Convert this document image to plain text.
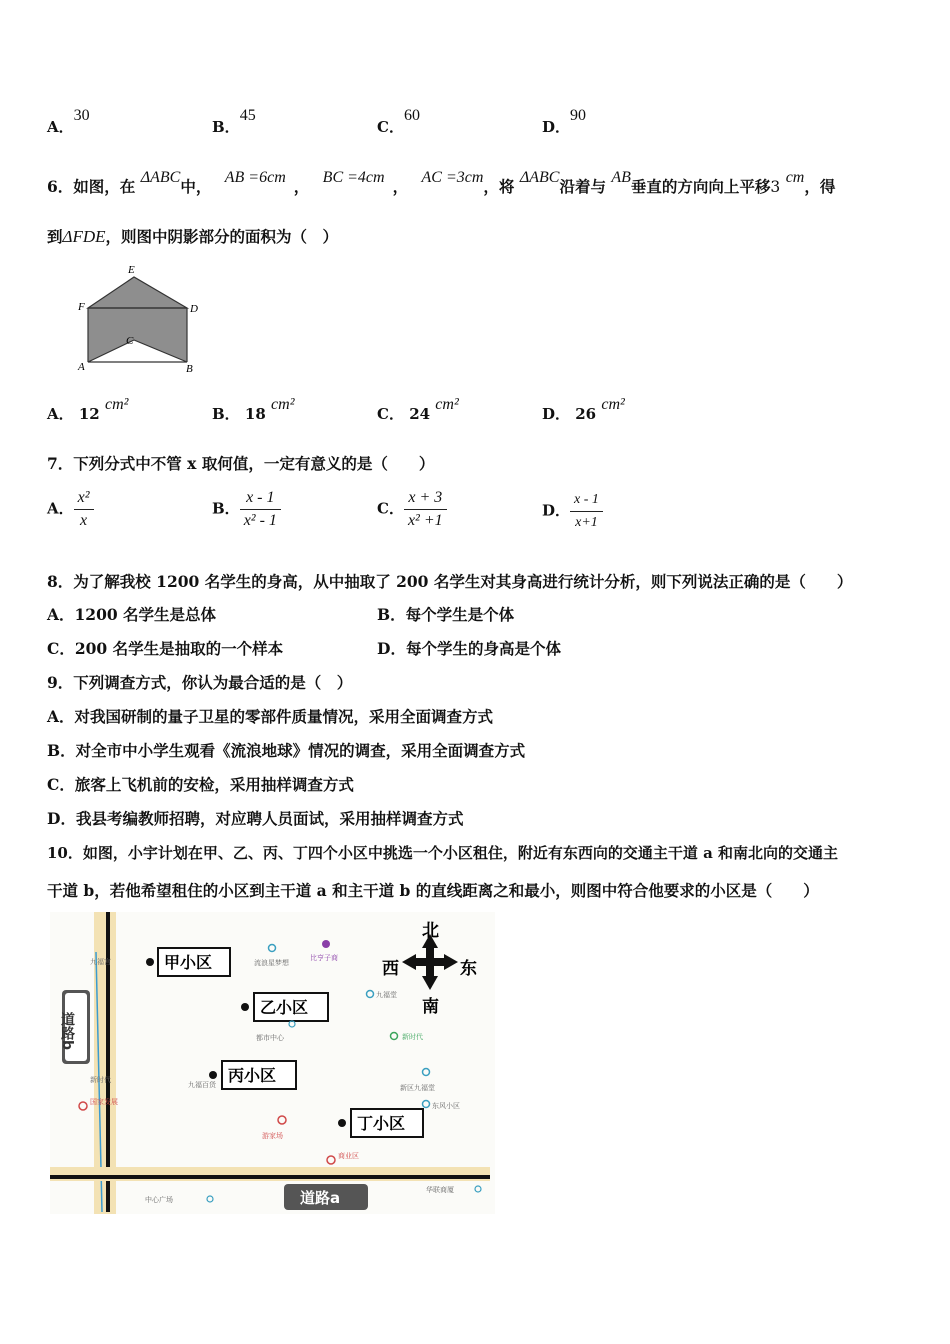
A．30
B．45
C．60
D．90
6．如图，在 ΔABC中， AB =6cm ， BC =4cm ， AC =3cm，将 ΔABC沿着与 AB垂直的方向向上平移3 cm，得
到ΔFDE，则图中阴影部分的面积为（　）
E
F	D
C
A	B
A． 12 cm²
B． 18 cm²
C． 24 cm²
D． 26 cm²
7．下列分式中不管 x 取何值，一定有意义的是（　　）
A． $\frac{\text{x²}}{x}$	B． $\frac{x - 1}{\text{x² - 1}}$	C． $\frac{x + 3}{\text{x² +1}}$	D． $\frac{x - 1}{x+1}$
8．为了解我校 1200 名学生的身高，从中抽取了 200 名学生对其身高进行统计分析，则下列说法正确的是（　　）
A．1200 名学生是总体	B．每个学生是个体
C．200 名学生是抽取的一个样本	D．每个学生的身高是个体
9．下列调查方式，你认为最合适的是（　）
A．对我国研制的量子卫星的零部件质量情况，采用全面调查方式
B．对全市中小学生观看《流浪地球》情况的调查，采用全面调查方式
C．旅客上飞机前的安检，采用抽样调查方式
D．我县考编教师招聘，对应聘人员面试，采用抽样调查方式
10．如图，小宇计划在甲、乙、丙、丁四个小区中挑选一个小区租住，附近有东西向的交通主干道 a 和南北向的交通主
干道 b，若他希望租住的小区到主干道 a 和主干道 b 的直线距离之和最小，则图中符合他要求的小区是（　　）
道路b
道路a
北
南
西	东
甲小区
乙小区
丙小区
丁小区
流浪星梦想
比亨子商
九福堂
新时代
都市中心
九福百货	新区九福堂
东风小区
国家发展
游家场
商业区
新时代
中心广场
华联商厦
九福宫
